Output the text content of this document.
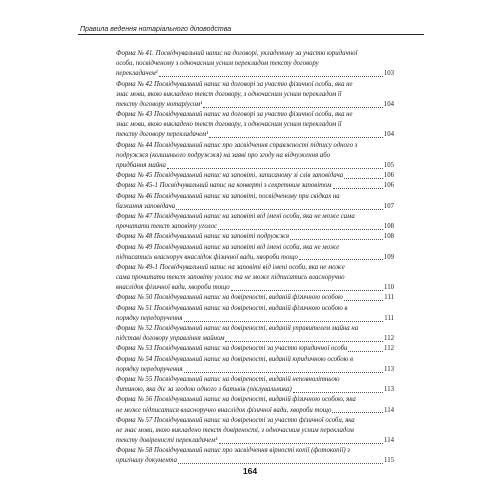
Правила ведення нотаріального діловодства
Форма № 41. Посвідчувальний напис на договорі, укладеному за участю юридичної
особи, посвідченому з одночасним усним перекладом тексту договору
перекладачем¹	103
Форма № 42 Посвідчувальний напис на договорі за участю фізичної особи, яка не
знає мови, якою викладено текст договору, з одночасним усним перекладом її
тексту договору нотаріусом¹	104
Форма № 43 Посвідчувальний напис на договорі за участю фізичної особи, яка не
знає мови, якою викладено текст договору, з одночасним усним перекладом її
тексту договору перекладачем¹	104
Форма № 44 Посвідчувальний напис про засвідчення справжності підпису одного з
подружжя (колишнього подружжя) на заяві про згоду на відчуження або
придбання майна	105
Форма № 45 Посвідчувальний напис на заповіті, записаному зі слів заповідача	106
Форма № 45-1 Посвідчувальний напис на конверті з секретним заповітом	106
Форма № 46 Посвідчувальний напис на заповіті, посвідченому при свідках на
бажання заповідача	107
Форма № 47 Посвідчувальний напис на заповіті від імені особи, яка не може сама
прочитати текст заповіту уголос	108
Форма № 48 Посвідчувальний напис на заповіті подружжя	108
Форма № 49 Посвідчувальний напис на заповіті від імені особи, яка не може
підписатись власноруч внаслідок фізичної вади, хвороби тощо	109
Форма № 49-1 Посвідчувальний напис на заповіті від імені особи, яка не може
сама прочитати текст заповіту уголос та не може підписатись власноручно
внаслідок фізичної вади, хвороби тощо	110
Форма № 50 Посвідчувальний напис на довіреності, виданій фізичною особою	111
Форма № 51 Посвідчувальний напис на довіреності, виданій фізичною особою в
порядку передоручення	111
Форма № 52 Посвідчувальний напис на довіреності, виданій управителем майна на
підставі договору управління майном	112
Форма № 53 Посвідчувальний напис на довіреності за участю юридичної особи	112
Форма № 54 Посвідчувальний напис на довіреності, виданій юридичною особою в
порядку передоручення	113
Форма № 55 Посвідчувальний напис на довіреності, виданій неповнолітньою
дитиною, яка діє за згодою одного з батьків (піклувальника)	113
Форма № 56 Посвідчувальний напис на довіреності, виданій фізичною особою, яка
не може підписатися власноручно внаслідок фізичної вади, хвороби тощо	114
Форма № 57 Посвідчувальний напис на довіреності за участю фізичної особи, яка
не знає мови, якою викладено текст довіреності, з одночасним усним перекладом
тексту довіреності перекладачем¹	114
Форма № 58 Посвідчувальний напис про засвідчення вірності копії (фотокопії) з
оригіналу документа	115
164
